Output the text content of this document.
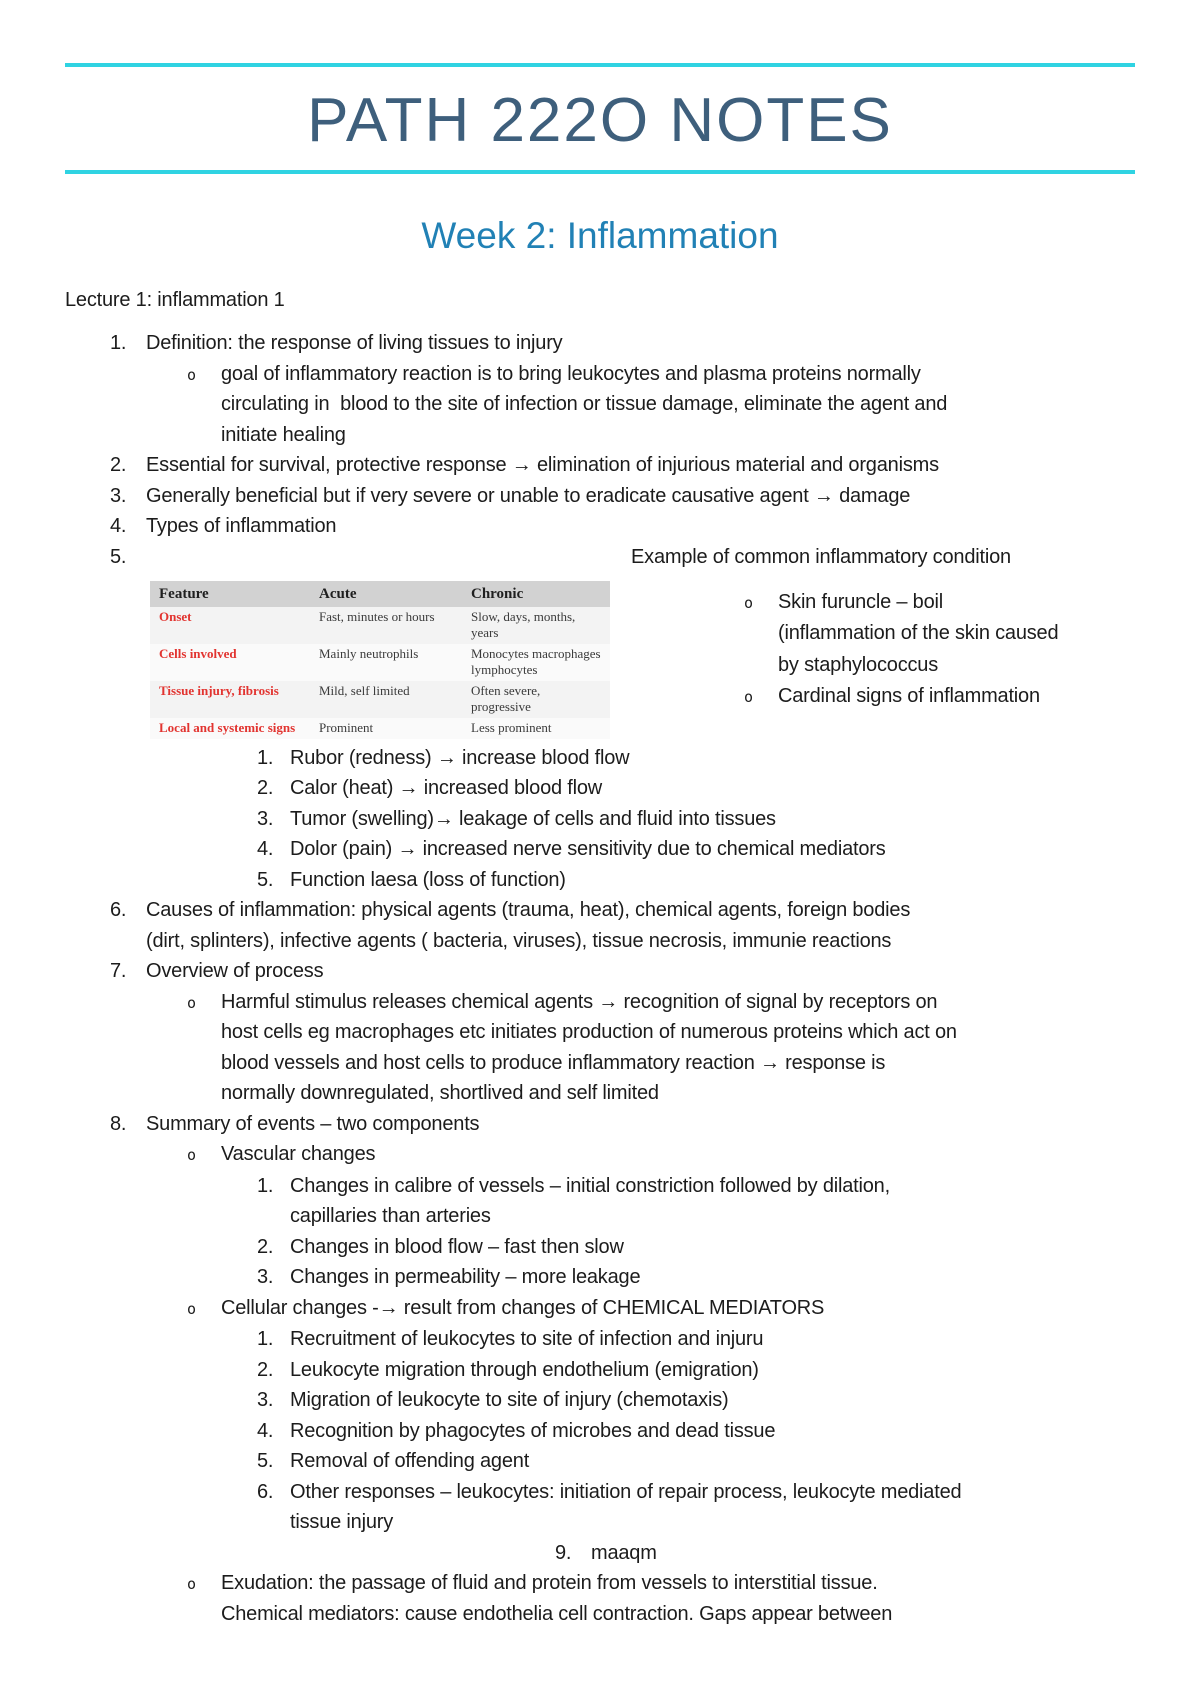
PATH 222O NOTES
Week 2: Inflammation
Lecture 1: inflammation 1
1. Definition: the response of living tissues to injury
o	goal of inflammatory reaction is to bring leukocytes and plasma proteins normally
circulating in  blood to the site of infection or tissue damage, eliminate the agent and
initiate healing
2. Essential for survival, protective response → elimination of injurious material and organisms
3. Generally beneficial but if very severe or unable to eradicate causative agent → damage
4. Types of inflammation
5.	Example of common inflammatory condition
Feature	Acute	Chronic
Onset	Fast, minutes or hours	Slow, days, months, years
Cells involved	Mainly neutrophils	Monocytes macrophages lymphocytes
Tissue injury, fibrosis	Mild, self limited	Often severe, progressive
Local and systemic signs	Prominent	Less prominent
o	Skin furuncle – boil
(inflammation of the skin caused
by staphylococcus
o	Cardinal signs of inflammation
1. Rubor (redness) → increase blood flow
2. Calor (heat) → increased blood flow
3. Tumor (swelling)→ leakage of cells and fluid into tissues
4. Dolor (pain) → increased nerve sensitivity due to chemical mediators
5. Function laesa (loss of function)
6. Causes of inflammation: physical agents (trauma, heat), chemical agents, foreign bodies
(dirt, splinters), infective agents ( bacteria, viruses), tissue necrosis, immunie reactions
7. Overview of process
o	Harmful stimulus releases chemical agents → recognition of signal by receptors on
host cells eg macrophages etc initiates production of numerous proteins which act on
blood vessels and host cells to produce inflammatory reaction → response is
normally downregulated, shortlived and self limited
8. Summary of events – two components
o	Vascular changes
1. Changes in calibre of vessels – initial constriction followed by dilation,
capillaries than arteries
2. Changes in blood flow – fast then slow
3. Changes in permeability – more leakage
o	Cellular changes -→ result from changes of CHEMICAL MEDIATORS
1. Recruitment of leukocytes to site of infection and injuru
2. Leukocyte migration through endothelium (emigration)
3. Migration of leukocyte to site of injury (chemotaxis)
4. Recognition by phagocytes of microbes and dead tissue
5. Removal of offending agent
6. Other responses – leukocytes: initiation of repair process, leukocyte mediated
tissue injury
9. maaqm
o	Exudation: the passage of fluid and protein from vessels to interstitial tissue.
Chemical mediators: cause endothelia cell contraction. Gaps appear between
